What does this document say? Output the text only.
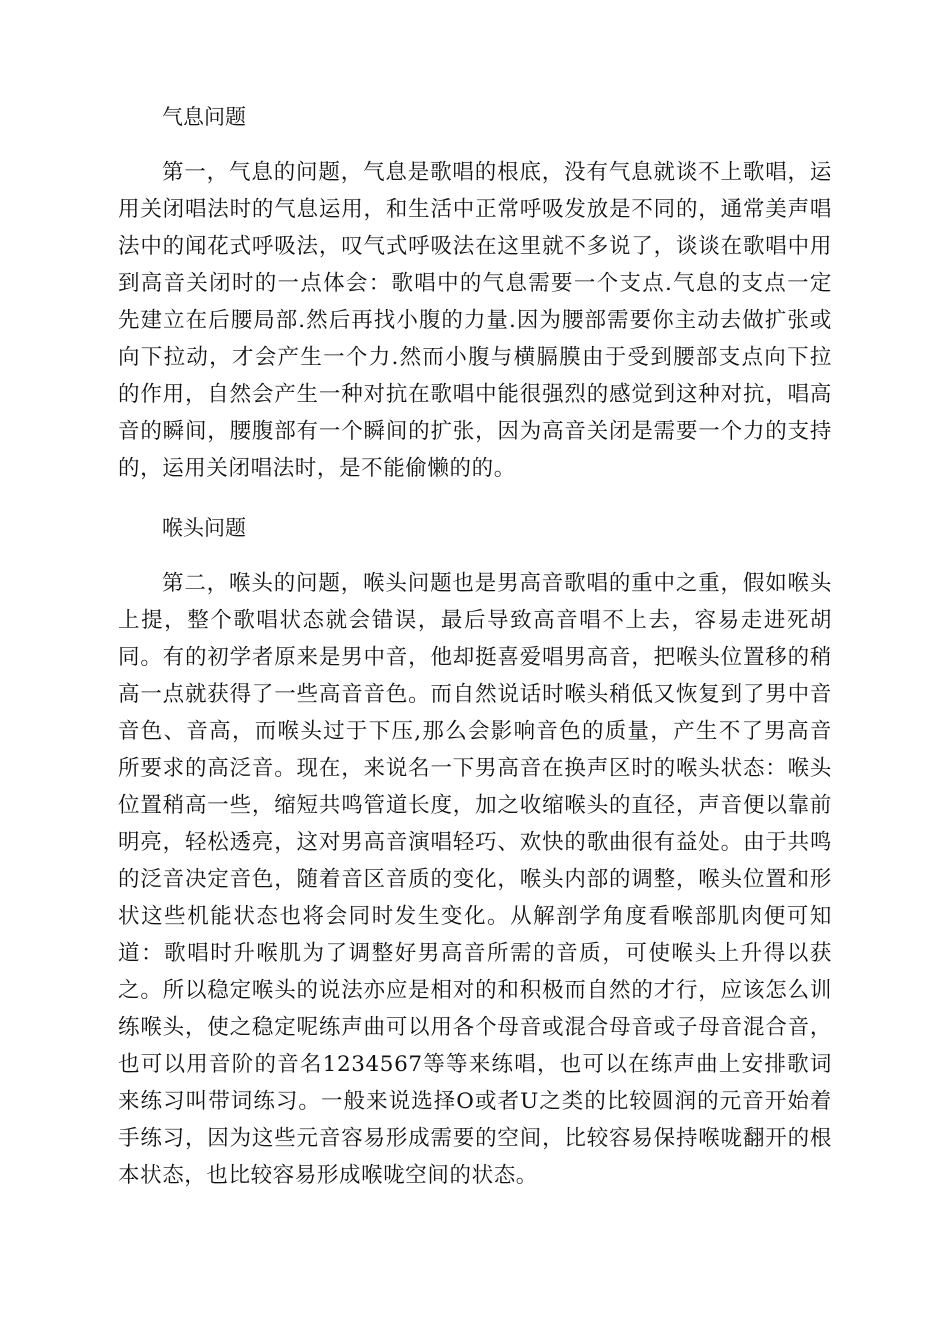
气息问题

第一，气息的问题，气息是歌唱的根底，没有气息就谈不上歌唱，运用关闭唱法时的气息运用，和生活中正常呼吸发放是不同的，通常美声唱法中的闻花式呼吸法，叹气式呼吸法在这里就不多说了，谈谈在歌唱中用到高音关闭时的一点体会：歌唱中的气息需要一个支点.气息的支点一定先建立在后腰局部.然后再找小腹的力量.因为腰部需要你主动去做扩张或向下拉动，才会产生一个力.然而小腹与横膈膜由于受到腰部支点向下拉的作用，自然会产生一种对抗在歌唱中能很强烈的感觉到这种对抗，唱高音的瞬间，腰腹部有一个瞬间的扩张，因为高音关闭是需要一个力的支持的，运用关闭唱法时，是不能偷懒的的。

喉头问题

第二，喉头的问题，喉头问题也是男高音歌唱的重中之重，假如喉头上提，整个歌唱状态就会错误，最后导致高音唱不上去，容易走进死胡同。有的初学者原来是男中音，他却挺喜爱唱男高音，把喉头位置移的稍高一点就获得了一些高音音色。而自然说话时喉头稍低又恢复到了男中音音色、音高，而喉头过于下压,那么会影响音色的质量，产生不了男高音所要求的高泛音。现在，来说名一下男高音在换声区时的喉头状态：喉头位置稍高一些，缩短共鸣管道长度，加之收缩喉头的直径，声音便以靠前明亮，轻松透亮，这对男高音演唱轻巧、欢快的歌曲很有益处。由于共鸣的泛音决定音色，随着音区音质的变化，喉头内部的调整，喉头位置和形状这些机能状态也将会同时发生变化。从解剖学角度看喉部肌肉便可知道：歌唱时升喉肌为了调整好男高音所需的音质，可使喉头上升得以获之。所以稳定喉头的说法亦应是相对的和积极而自然的才行，应该怎么训练喉头，使之稳定呢练声曲可以用各个母音或混合母音或子母音混合音，也可以用音阶的音名1234567等等来练唱，也可以在练声曲上安排歌词来练习叫带词练习。一般来说选择O或者U之类的比较圆润的元音开始着手练习，因为这些元音容易形成需要的空间，比较容易保持喉咙翻开的根本状态，也比较容易形成喉咙空间的状态。
